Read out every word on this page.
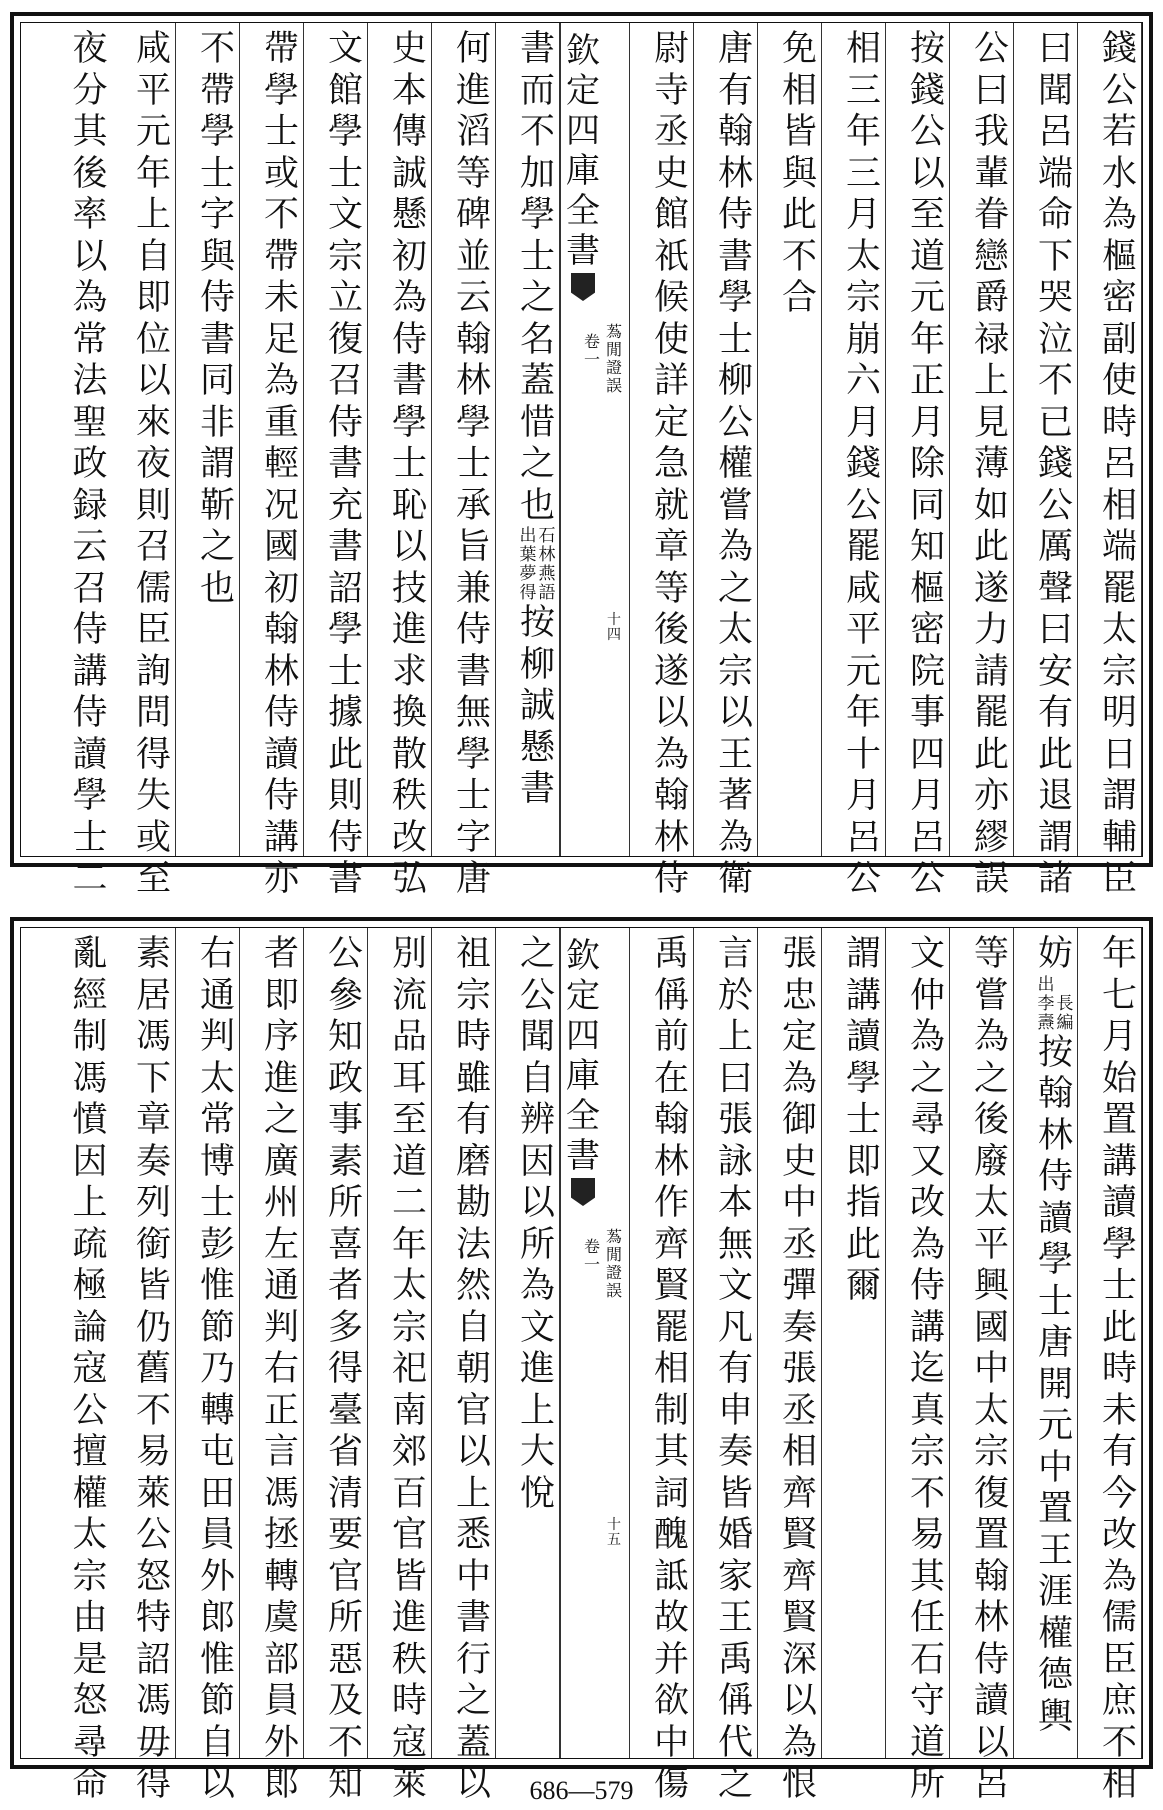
錢公若水為樞密副使時呂相端罷太宗明日謂輔臣
曰聞呂端命下哭泣不已錢公厲聲曰安有此退謂諸
公曰我輩眷戀爵禄上見薄如此遂力請罷此亦繆誤
按錢公以至道元年正月除同知樞密院事四月呂公
相三年三月太宗崩六月錢公罷咸平元年十月呂公
免相皆與此不合
唐有翰林侍書學士柳公權嘗為之太宗以王著為衛
尉寺丞史館祇候使詳定急就章等後遂以為翰林侍
欽定四庫全書
蒍閒證誤
卷一
十四
書而不加學士之名蓋惜之也出葉夢得石林燕語按柳誠懸書
何進滔等碑並云翰林學士承旨兼侍書無學士字唐
史本傳誠懸初為侍書學士恥以技進求換散秩改弘
文館學士文宗立復召侍書充書詔學士據此則侍書
帶學士或不帶未足為重輕况國初翰林侍讀侍講亦
不帶學士字與侍書同非謂靳之也
咸平元年上自即位以來夜則召儒臣詢問得失或至
夜分其後率以為常法聖政録云召侍講侍讀學士二
年七月始置講讀學士此時未有今改為儒臣庶不相
妨出李燾長編按翰林侍讀學士唐開元中置王涯權德輿
等嘗為之後廢太平興國中太宗復置翰林侍讀以呂
文仲為之尋又改為侍講迄真宗不易其任石守道所
謂講讀學士即指此爾
張忠定為御史中丞彈奏張丞相齊賢齊賢深以為恨
言於上曰張詠本無文凡有申奏皆婚家王禹偁代之
禹偁前在翰林作齊賢罷相制其詞醜詆故并欲中傷
欽定四庫全書
蒍閒證誤
卷一
十五
之公聞自辨因以所為文進上大悅
祖宗時雖有磨勘法然自朝官以上悉中書行之蓋以
別流品耳至道二年太宗祀南郊百官皆進秩時寇萊
公參知政事素所喜者多得臺省清要官所惡及不知
者即序進之廣州左通判右正言馮拯轉虞部員外郎
右通判太常博士彭惟節乃轉屯田員外郎惟節自以
素居馮下章奏列銜皆仍舊不易萊公怒特詔馮毋得
亂經制馮憤因上疏極論寇公擅權太宗由是怒尋命	686—579
